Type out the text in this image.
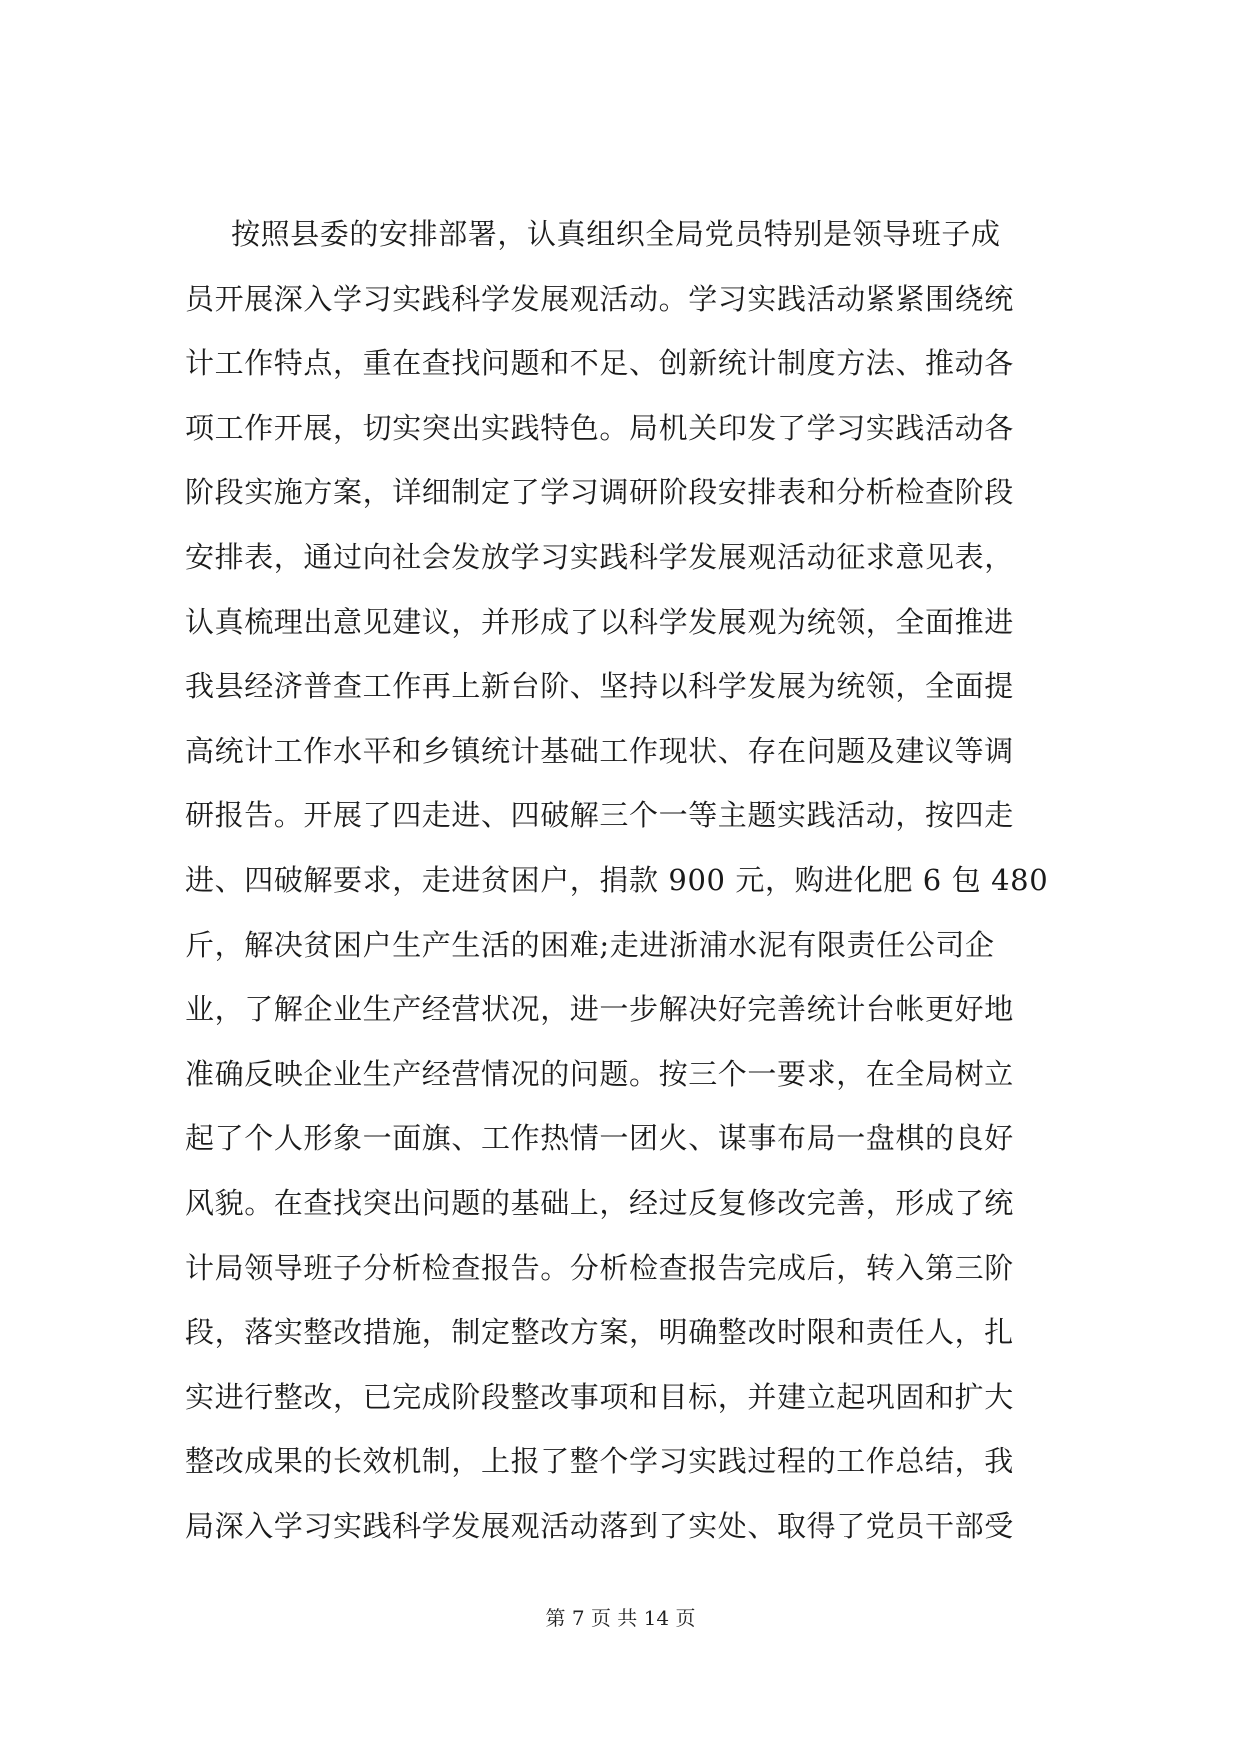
按照县委的安排部署，认真组织全局党员特别是领导班子成
员开展深入学习实践科学发展观活动。学习实践活动紧紧围绕统
计工作特点，重在查找问题和不足、创新统计制度方法、推动各
项工作开展，切实突出实践特色。局机关印发了学习实践活动各
阶段实施方案，详细制定了学习调研阶段安排表和分析检查阶段
安排表，通过向社会发放学习实践科学发展观活动征求意见表，
认真梳理出意见建议，并形成了以科学发展观为统领，全面推进
我县经济普查工作再上新台阶、坚持以科学发展为统领，全面提
高统计工作水平和乡镇统计基础工作现状、存在问题及建议等调
研报告。开展了四走进、四破解三个一等主题实践活动，按四走
进、四破解要求，走进贫困户，捐款 900 元，购进化肥 6 包 480
斤，解决贫困户生产生活的困难;走进浙浦水泥有限责任公司企
业，了解企业生产经营状况，进一步解决好完善统计台帐更好地
准确反映企业生产经营情况的问题。按三个一要求，在全局树立
起了个人形象一面旗、工作热情一团火、谋事布局一盘棋的良好
风貌。在查找突出问题的基础上，经过反复修改完善，形成了统
计局领导班子分析检查报告。分析检查报告完成后，转入第三阶
段，落实整改措施，制定整改方案，明确整改时限和责任人，扎
实进行整改，已完成阶段整改事项和目标，并建立起巩固和扩大
整改成果的长效机制，上报了整个学习实践过程的工作总结，我
局深入学习实践科学发展观活动落到了实处、取得了党员干部受
第 7 页 共 14 页
